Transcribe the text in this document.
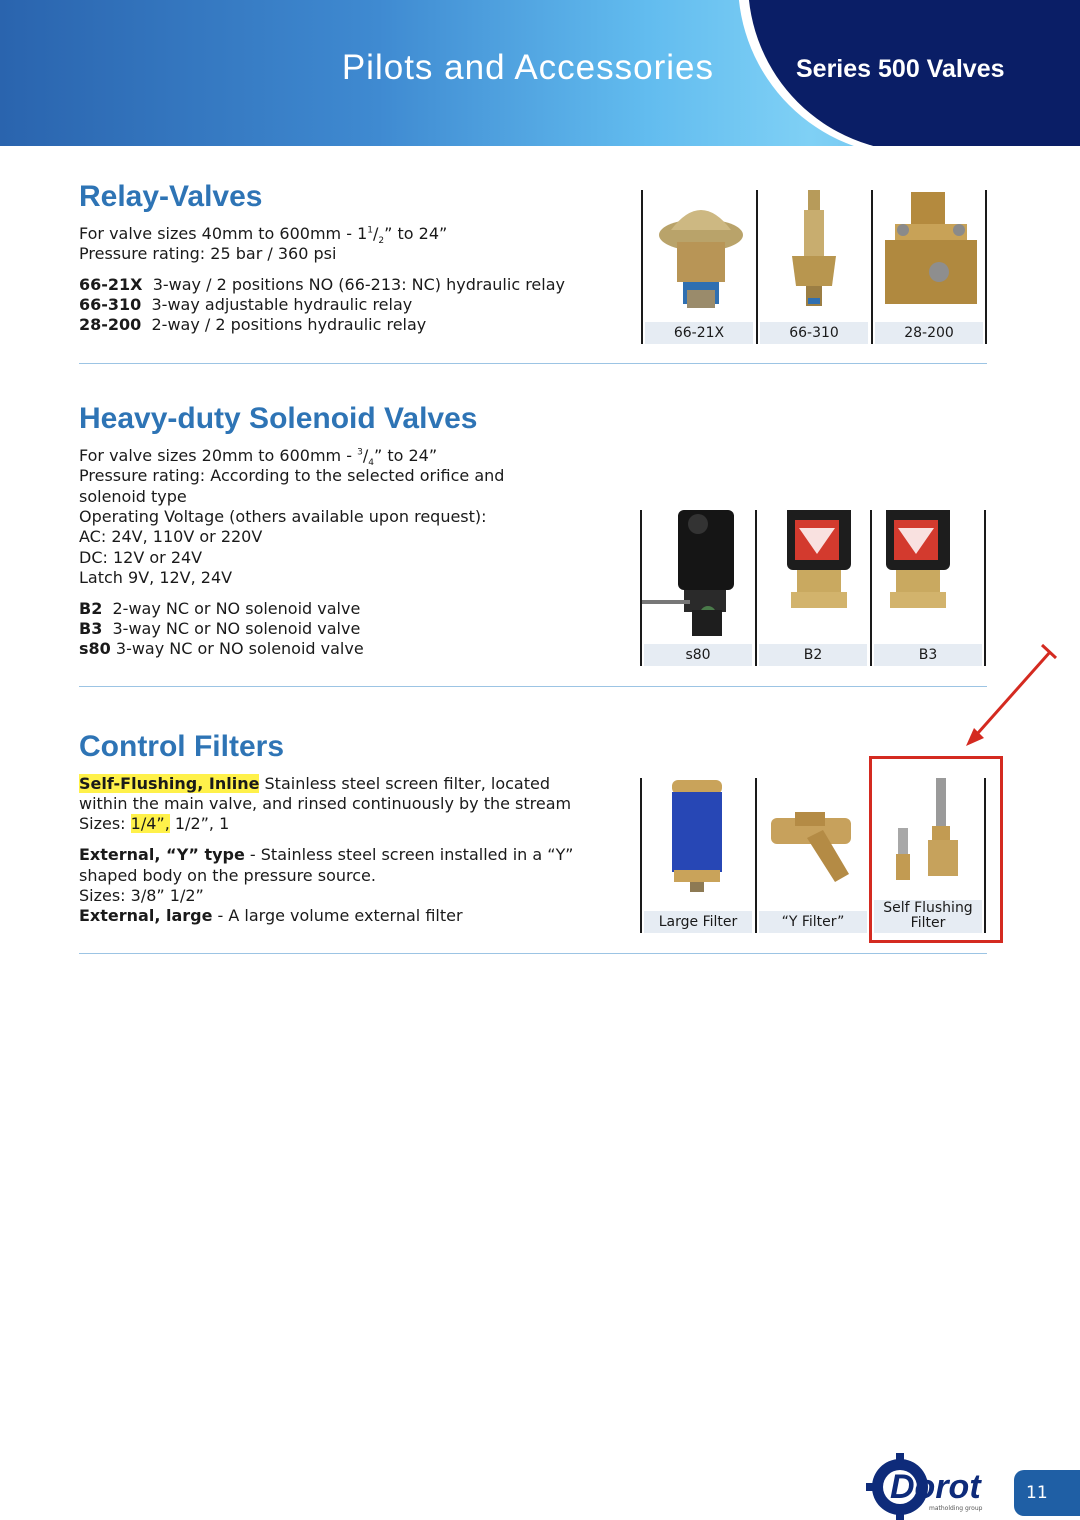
Pilots and Accessories	Series 500 Valves
Relay-Valves
For valve sizes 40mm to $600mm - 1^1/_2$” to 24”
Pressure rating: 25 bar / 360 psi
66-21X 3-way / 2 positions NO (66-213: NC) hydraulic relay
66-310 3-way adjustable hydraulic relay
28-200 2-way / 2 positions hydraulic relay	66-21X	66-310	28-200
Heavy-duty Solenoid Valves
For valve sizes 20mm to $600mm - ^3/_4$” to 24”
Pressure rating: According to the selected orifice and
solenoid type
Operating Voltage (others available upon request):
AC: 24V, 110V or 220V
DC: 12V or 24V
Latch 9V, 12V, 24V
B2 2-way NC or NO solenoid valve
B3 3-way NC or NO solenoid valve
s80 3-way NC or NO solenoid valve	s80	B2	B3
Control Filters
Self-Flushing, Inline Stainless steel screen filter, located
within the main valve, and rinsed continuously by the stream
Sizes: 1/4”, 1/2”, 1
External, “Y” type - Stainless steel screen installed in a “Y”
shaped body on the pressure source.
Sizes: 3/8” 1/2”
External, large - A large volume external filter	Large Filter	“Y Filter”
Self Flushing
Filter
Dorot
matholding group
11
